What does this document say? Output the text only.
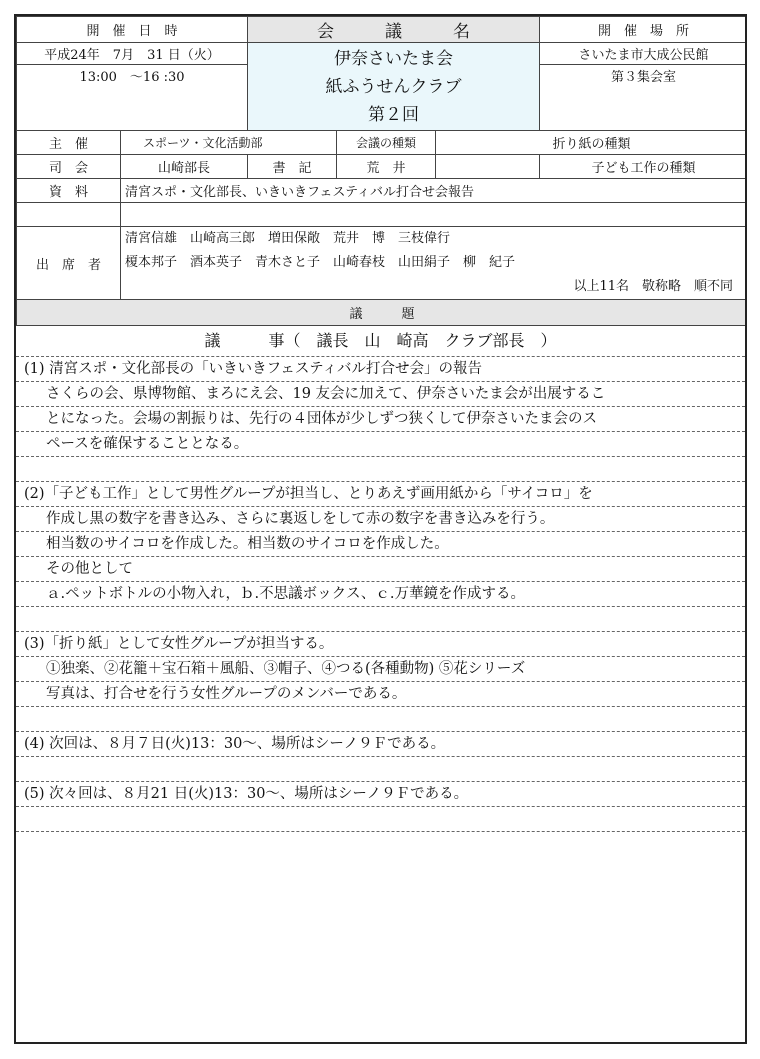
開　催　日　時		会　　　議　　　名			開　催　場　所
平成24年　7月　31 日（火）		伊奈さいたま会
紙ふうせんクラブ
第２回			さいたま市大成公民館
13:00　～16 :30					第３集会室

主　催	スポーツ・文化活動部		会議の種類	折り紙の種類	
司　会	山崎部長	書　記	荒　井		子ども工作の種類
資　料	清宮スポ・文化部長、いきいきフェスティバル打合せ会報告				

出　席　者	清宮信雄　山崎高三郎　増田保敞　荒井　博　三枝偉行
榎本邦子　酒本英子　青木さと子　山崎春枝　山田絹子　柳　紀子
以上11名　敬称略　順不同				

議　　　題					
議　　　事（　議長　山　崎高　クラブ部長　）
(1) 清宮スポ・文化部長の「いきいきフェスティバル打合せ会」の報告
さくらの会、県博物館、まろにえ会、19 友会に加えて、伊奈さいたま会が出展するこ
とになった。会場の割振りは、先行の４団体が少しずつ狭くして伊奈さいたま会のス
ペースを確保することとなる。
(2)「子ども工作」として男性グループが担当し、とりあえず画用紙から「サイコロ」を
作成し黒の数字を書き込み、さらに裏返しをして赤の数字を書き込みを行う。
相当数のサイコロを作成した。相当数のサイコロを作成した。
その他として
ａ.ペットボトルの小物入れ，ｂ.不思議ボックス、ｃ.万華鏡を作成する。
(3)「折り紙」として女性グループが担当する。
①独楽、②花籠＋宝石箱＋風船、③帽子、④つる(各種動物) ⑤花シリーズ
写真は、打合せを行う女性グループのメンバーである。
(4) 次回は、８月７日(火)13：30～、場所はシーノ９Ｆである。
(5) 次々回は、８月21 日(火)13：30～、場所はシーノ９Ｆである。
